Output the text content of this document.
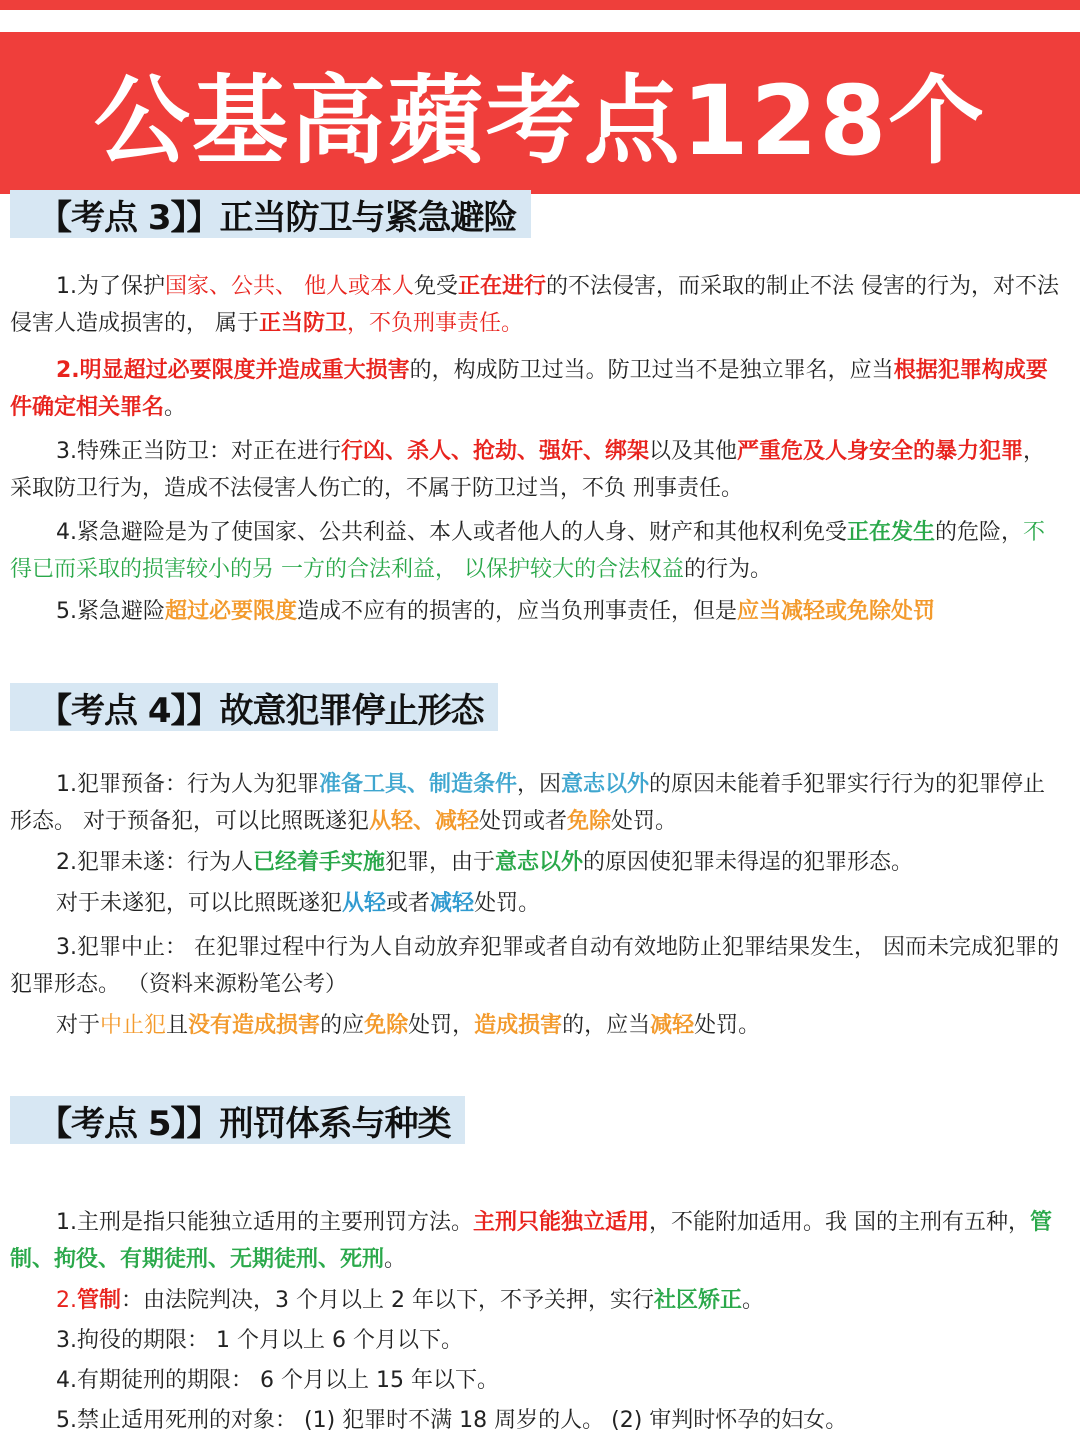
公基高蘋考点128个
【考点 3】】正当防卫与紧急避险
1.为了保护国家、公共、 他人或本人免受正在进行的不法侵害，而采取的制止不法 侵害的行为，对不法侵害人造成损害的， 属于正当防卫，不负刑事责任。
2.明显超过必要限度并造成重大损害的，构成防卫过当。防卫过当不是独立罪名，应当根据犯罪构成要件确定相关罪名。
3.特殊正当防卫：对正在进行行凶、杀人、抢劫、强奸、绑架以及其他严重危及人身安全的暴力犯罪，采取防卫行为，造成不法侵害人伤亡的，不属于防卫过当，不负 刑事责任。
4.紧急避险是为了使国家、公共利益、本人或者他人的人身、财产和其他权利免受正在发生的危险，不得已而采取的损害较小的另 一方的合法利益， 以保护较大的合法权益的行为。
5.紧急避险超过必要限度造成不应有的损害的，应当负刑事责任，但是应当减轻或免除处罚
【考点 4】】故意犯罪停止形态
1.犯罪预备：行为人为犯罪准备工具、制造条件，因意志以外的原因未能着手犯罪实行行为的犯罪停止形态。 对于预备犯，可以比照既遂犯从轻、减轻处罚或者免除处罚。
2.犯罪未遂：行为人已经着手实施犯罪，由于意志以外的原因使犯罪未得逞的犯罪形态。
对于未遂犯，可以比照既遂犯从轻或者减轻处罚。
3.犯罪中止： 在犯罪过程中行为人自动放弃犯罪或者自动有效地防止犯罪结果发生， 因而未完成犯罪的犯罪形态。 （资料来源粉笔公考）
对于中止犯且没有造成损害的应免除处罚，造成损害的，应当减轻处罚。
【考点 5】】刑罚体系与种类
1.主刑是指只能独立适用的主要刑罚方法。主刑只能独立适用，不能附加适用。我 国的主刑有五种，管制、拘役、有期徒刑、无期徒刑、死刑。
2.管制：由法院判决，3 个月以上 2 年以下，不予关押，实行社区矫正。
3.拘役的期限： 1 个月以上 6 个月以下。
4.有期徒刑的期限： 6 个月以上 15 年以下。
5.禁止适用死刑的对象： (1) 犯罪时不满 18 周岁的人。 (2) 审判时怀孕的妇女。
